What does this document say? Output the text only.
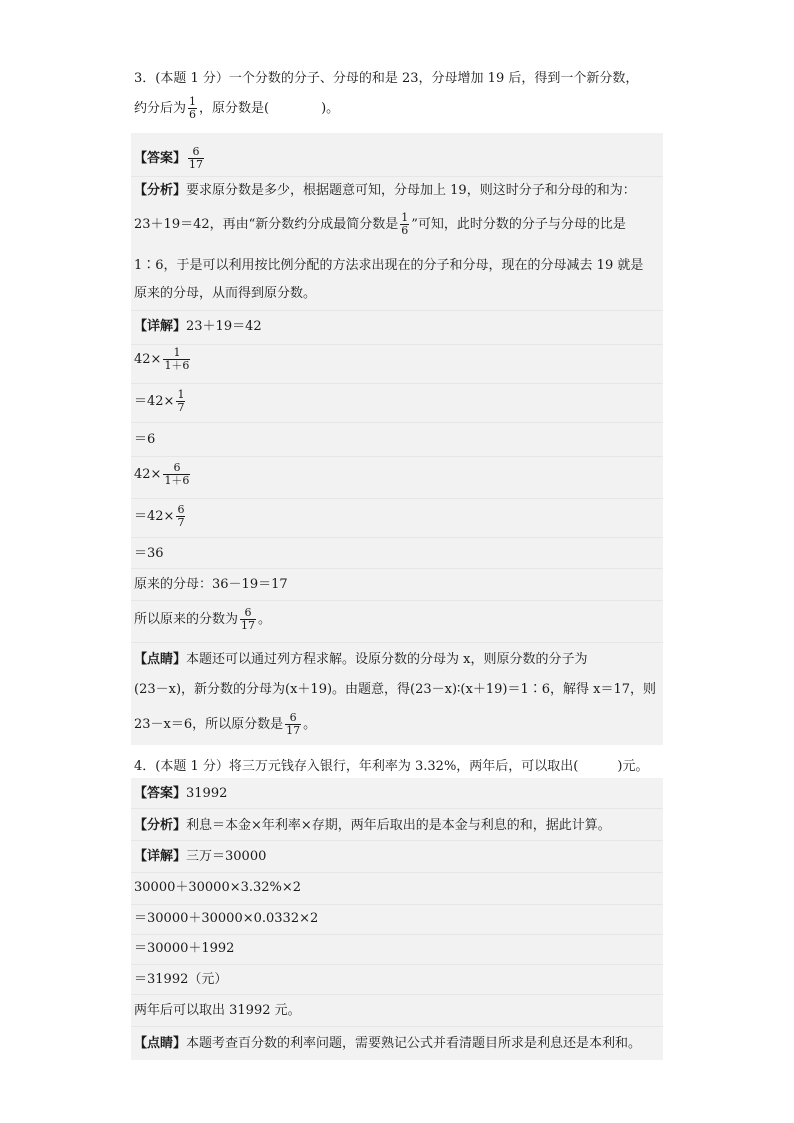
3．(本题 1 分）一个分数的分子、分母的和是 23，分母增加 19 后，得到一个新分数，
约分后为 $\frac{1}{6}$ ，原分数是(　　　　)。
【答案】 $\frac{6}{17}$
【分析】要求原分数是多少，根据题意可知，分母加上 19，则这时分子和分母的和为：
23＋19＝42，再由“新分数约分成最简分数是 $\frac{1}{6}$ ”可知，此时分数的分子与分母的比是
1∶6，于是可以利用按比例分配的方法求出现在的分子和分母，现在的分母减去 19 就是
原来的分母，从而得到原分数。
【详解】23＋19＝42
$42\times \frac{1}{1+6}$
$=42\times \frac{1}{7}$
＝6
$42\times \frac{6}{1+6}$
$=42\times \frac{6}{7}$
＝36
原来的分母：36－19＝17
所以原来的分数为 $\frac{6}{17}$ 。
【点睛】本题还可以通过列方程求解。设原分数的分母为 x，则原分数的分子为
(23－x)，新分数的分母为(x＋19)。由题意，得(23－x)∶(x＋19)＝1∶6，解得 x＝17，则
23－x＝6，所以原分数是 $\frac{6}{17}$ 。
4．(本题 1 分）将三万元钱存入银行，年利率为 3.32%，两年后，可以取出(　　　)元。
【答案】31992
【分析】利息＝本金×年利率×存期，两年后取出的是本金与利息的和，据此计算。
【详解】三万＝30000
30000＋30000×3.32%×2
＝30000＋30000×0.0332×2
＝30000＋1992
＝31992（元）
两年后可以取出 31992 元。
【点睛】本题考查百分数的利率问题，需要熟记公式并看清题目所求是利息还是本利和。
